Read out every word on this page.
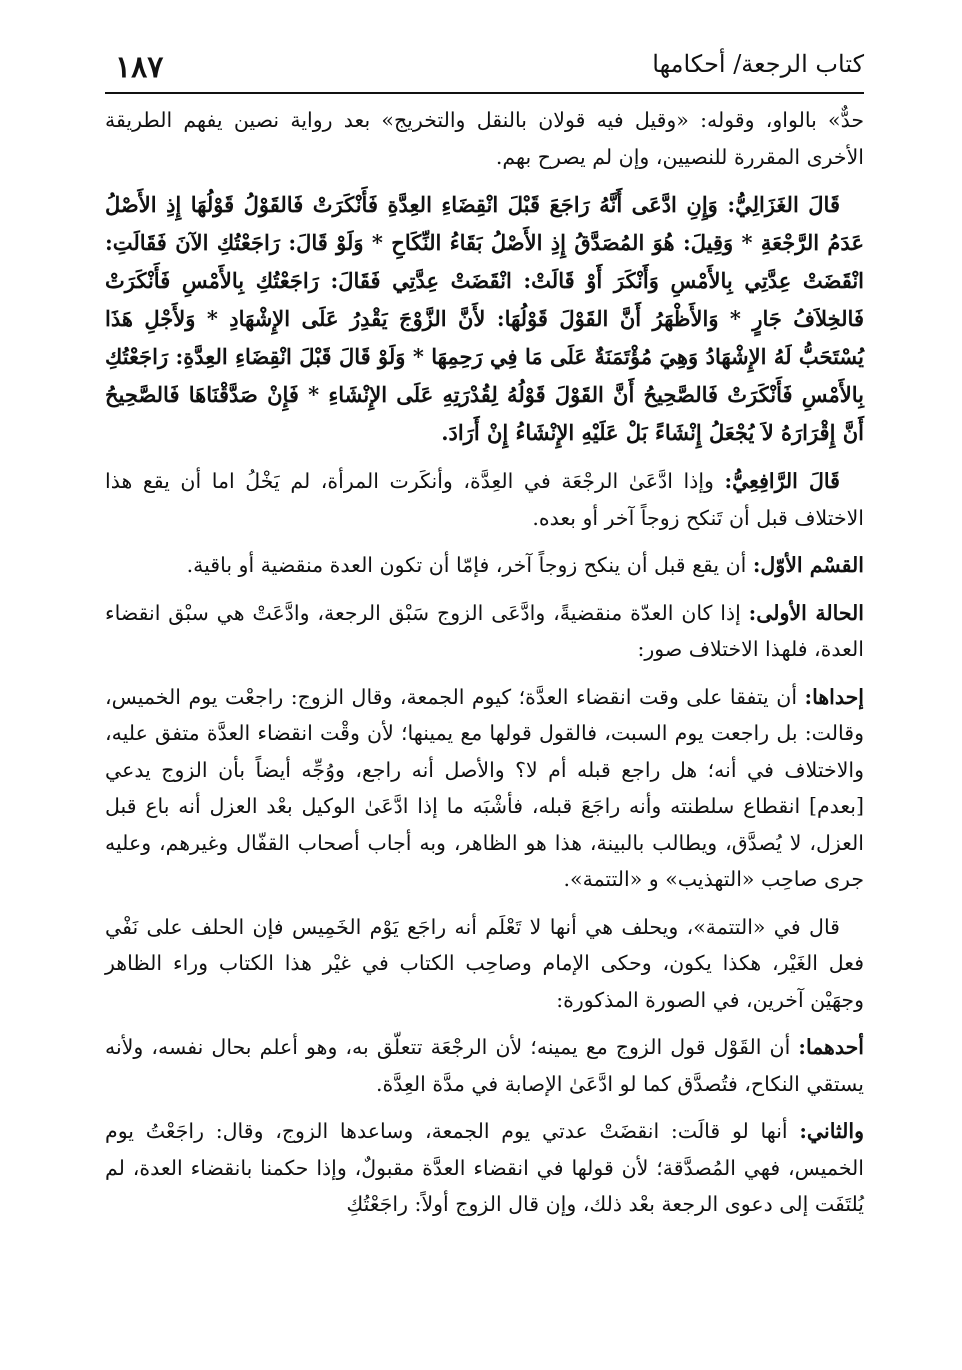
١٨٧	كتاب الرجعة/ أحكامها

حدٌّ» بالواو، وقوله: «وقيل فيه قولان بالنقل والتخريج» بعد رواية نصين يفهم الطريقة الأخرى المقررة للنصيين، وإن لم يصرح بهم.

قَالَ الغَزَالِيُّ: وَإِنِ ادَّعَى أَنَّهُ رَاجَعَ قَبْلَ انْقِضَاءِ العِدَّةِ فَأَنْكَرَتْ فَالقَوْلُ قَوْلُهَا إِذِ الأَصْلُ عَدَمُ الرَّجْعَةِ * وَقِيلَ: هُوَ المُصَدَّقُ إِذِ الأَصْلُ بَقَاءُ النِّكَاحِ * وَلَوْ قَالَ: رَاجَعْتُكِ الآنَ فَقَالَتِ: انْقَضَتْ عِدَّتِي بِالأَمْسِ وَأَنْكَرَ أَوْ قَالَتْ: انْقَضَتْ عِدَّتِي فَقَالَ: رَاجَعْتُكِ بِالأَمْسِ فَأَنْكَرَتْ فَالخِلاَفُ جَارٍ * وَالأَظْهَرُ أَنَّ القَوْلَ قَوْلُهَا: لأَنَّ الزَّوْجَ يَقْدِرُ عَلَى الإِشْهَادِ * وَلأَجْلِ هَذَا يُسْتَحَبُّ لَهُ الإِشْهَادُ وَهِيَ مُؤْتَمَنَةٌ عَلَى مَا فِي رَحِمِهَا * وَلَوْ قَالَ قَبْلَ انْقِضَاءِ العِدَّةِ: رَاجَعْتُكِ بِالأَمْسِ فَأَنْكَرَتْ فَالصَّحِيحُ أَنَّ القَوْلَ قَوْلُهُ لِقُدْرَتِهِ عَلَى الإِنْشَاءِ * فَإِنْ صَدَّقْنَاهَا فَالصَّحِيحُ أَنَّ إِقْرَارَهُ لاَ يُجْعَلُ إِنْشَاءً بَلْ عَلَيْهِ الإِنْشَاءُ إِنْ أَرَادَ.

قَالَ الرَّافِعِيُّ: وإذا ادَّعَىٰ الرجْعَة في العِدَّة، وأنكَرت المرأة، لم يَخْلُ اما أن يقع هذا الاختلاف قبل أن تَنكح زوجاً آخر أو بعده.

القسْم الأوّل: أن يقع قبل أن ينكح زوجاً آخر، فإمّا أن تكون العدة منقضية أو باقية.

الحالة الأولى: إذا كان العدّة منقضيةً، وادَّعَى الزوج سَبْق الرجعة، وادَّعَتْ هي سبْق انقضاء العدة، فلهذا الاختلاف صور:

إحداها: أن يتفقا على وقت انقضاء العدَّة؛ كيوم الجمعة، وقال الزوج: راجعْت يوم الخميس، وقالت: بل راجعت يوم السبت، فالقول قولها مع يمينها؛ لأن وقْت انقضاء العدَّة متفق عليه، والاختلاف في أنه؛ هل راجع قبله أم لا؟ والأصل أنه راجع، ووُجِّه أيضاً بأن الزوج يدعي [بعدم] انقطاع سلطنته وأنه راجَعَ قبله، فأشْبَه ما إذا ادَّعَىٰ الوكيل بعْد العزل أنه باع قبل العزل، لا يُصدَّق، ويطالب بالبينة، هذا هو الظاهر، وبه أجاب أصحاب القفّال وغيرهم، وعليه جرى صاحِب «التهذيب» و «التتمة».

قال في «التتمة»، ويحلف هي أنها لا تَعْلَم أنه راجَع يَوْم الخَمِيس فإن الحلف على نَفْي فعل الغَيْر، هكذا يكون، وحكى الإمام وصاحِب الكتاب في غيْر هذا الكتاب وراء الظاهر وجهَيْن آخرين، في الصورة المذكورة:

أحدهما: أن القَوْل قول الزوج مع يمينه؛ لأن الرجْعَة تتعلّق به، وهو أعلم بحال نفسه، ولأنه يستقي النكاح، فتُصدَّق كما لو ادَّعَىٰ الإصابة في مدَّة العِدَّة.

والثاني: أنها لو قالَت: انقضَتْ عدتي يوم الجمعة، وساعدها الزوج، وقال: راجَعْتُ يوم الخميس، فهي المُصدَّقة؛ لأن قولها في انقضاء العدَّة مقبولٌ، وإذا حكمنا بانقضاء العدة، لم يُلتَفَت إلى دعوى الرجعة بعْد ذلك، وإن قال الزوج أولاً: راجَعْتُكِ
